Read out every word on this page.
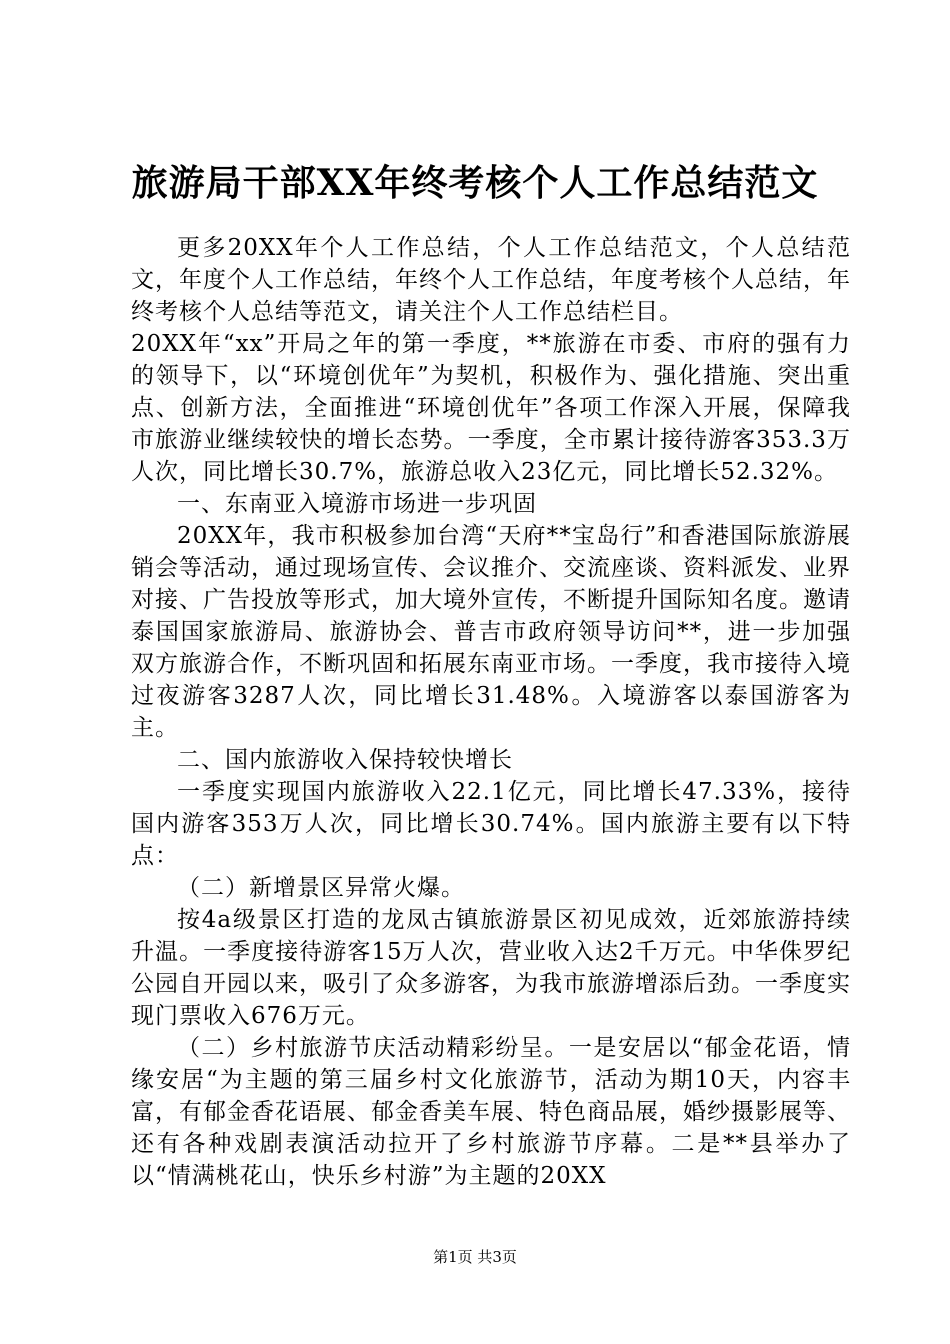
旅游局干部XX年终考核个人工作总结范文

更多20XX年个人工作总结，个人工作总结范文，个人总结范文，年度个人工作总结，年终个人工作总结，年度考核个人总结，年终考核个人总结等范文，请关注个人工作总结栏目。

20XX年“xx”开局之年的第一季度，**旅游在市委、市府的强有力的领导下，以“环境创优年”为契机，积极作为、强化措施、突出重点、创新方法，全面推进“环境创优年”各项工作深入开展，保障我市旅游业继续较快的增长态势。一季度，全市累计接待游客353.3万人次，同比增长30.7%，旅游总收入23亿元，同比增长52.32%。

一、东南亚入境游市场进一步巩固

20XX年，我市积极参加台湾“天府**宝岛行”和香港国际旅游展销会等活动，通过现场宣传、会议推介、交流座谈、资料派发、业界对接、广告投放等形式，加大境外宣传，不断提升国际知名度。邀请泰国国家旅游局、旅游协会、普吉市政府领导访问**，进一步加强双方旅游合作，不断巩固和拓展东南亚市场。一季度，我市接待入境过夜游客3287人次，同比增长31.48%。入境游客以泰国游客为主。

二、国内旅游收入保持较快增长

一季度实现国内旅游收入22.1亿元，同比增长47.33%，接待国内游客353万人次，同比增长30.74%。国内旅游主要有以下特点：

（二）新增景区异常火爆。

按4a级景区打造的龙凤古镇旅游景区初见成效，近郊旅游持续升温。一季度接待游客15万人次，营业收入达2千万元。中华侏罗纪公园自开园以来，吸引了众多游客，为我市旅游增添后劲。一季度实现门票收入676万元。

（二）乡村旅游节庆活动精彩纷呈。一是安居以“郁金花语，情缘安居“为主题的第三届乡村文化旅游节，活动为期10天，内容丰富，有郁金香花语展、郁金香美车展、特色商品展，婚纱摄影展等、还有各种戏剧表演活动拉开了乡村旅游节序幕。二是**县举办了以“情满桃花山，快乐乡村游”为主题的20XX

第1页 共3页
